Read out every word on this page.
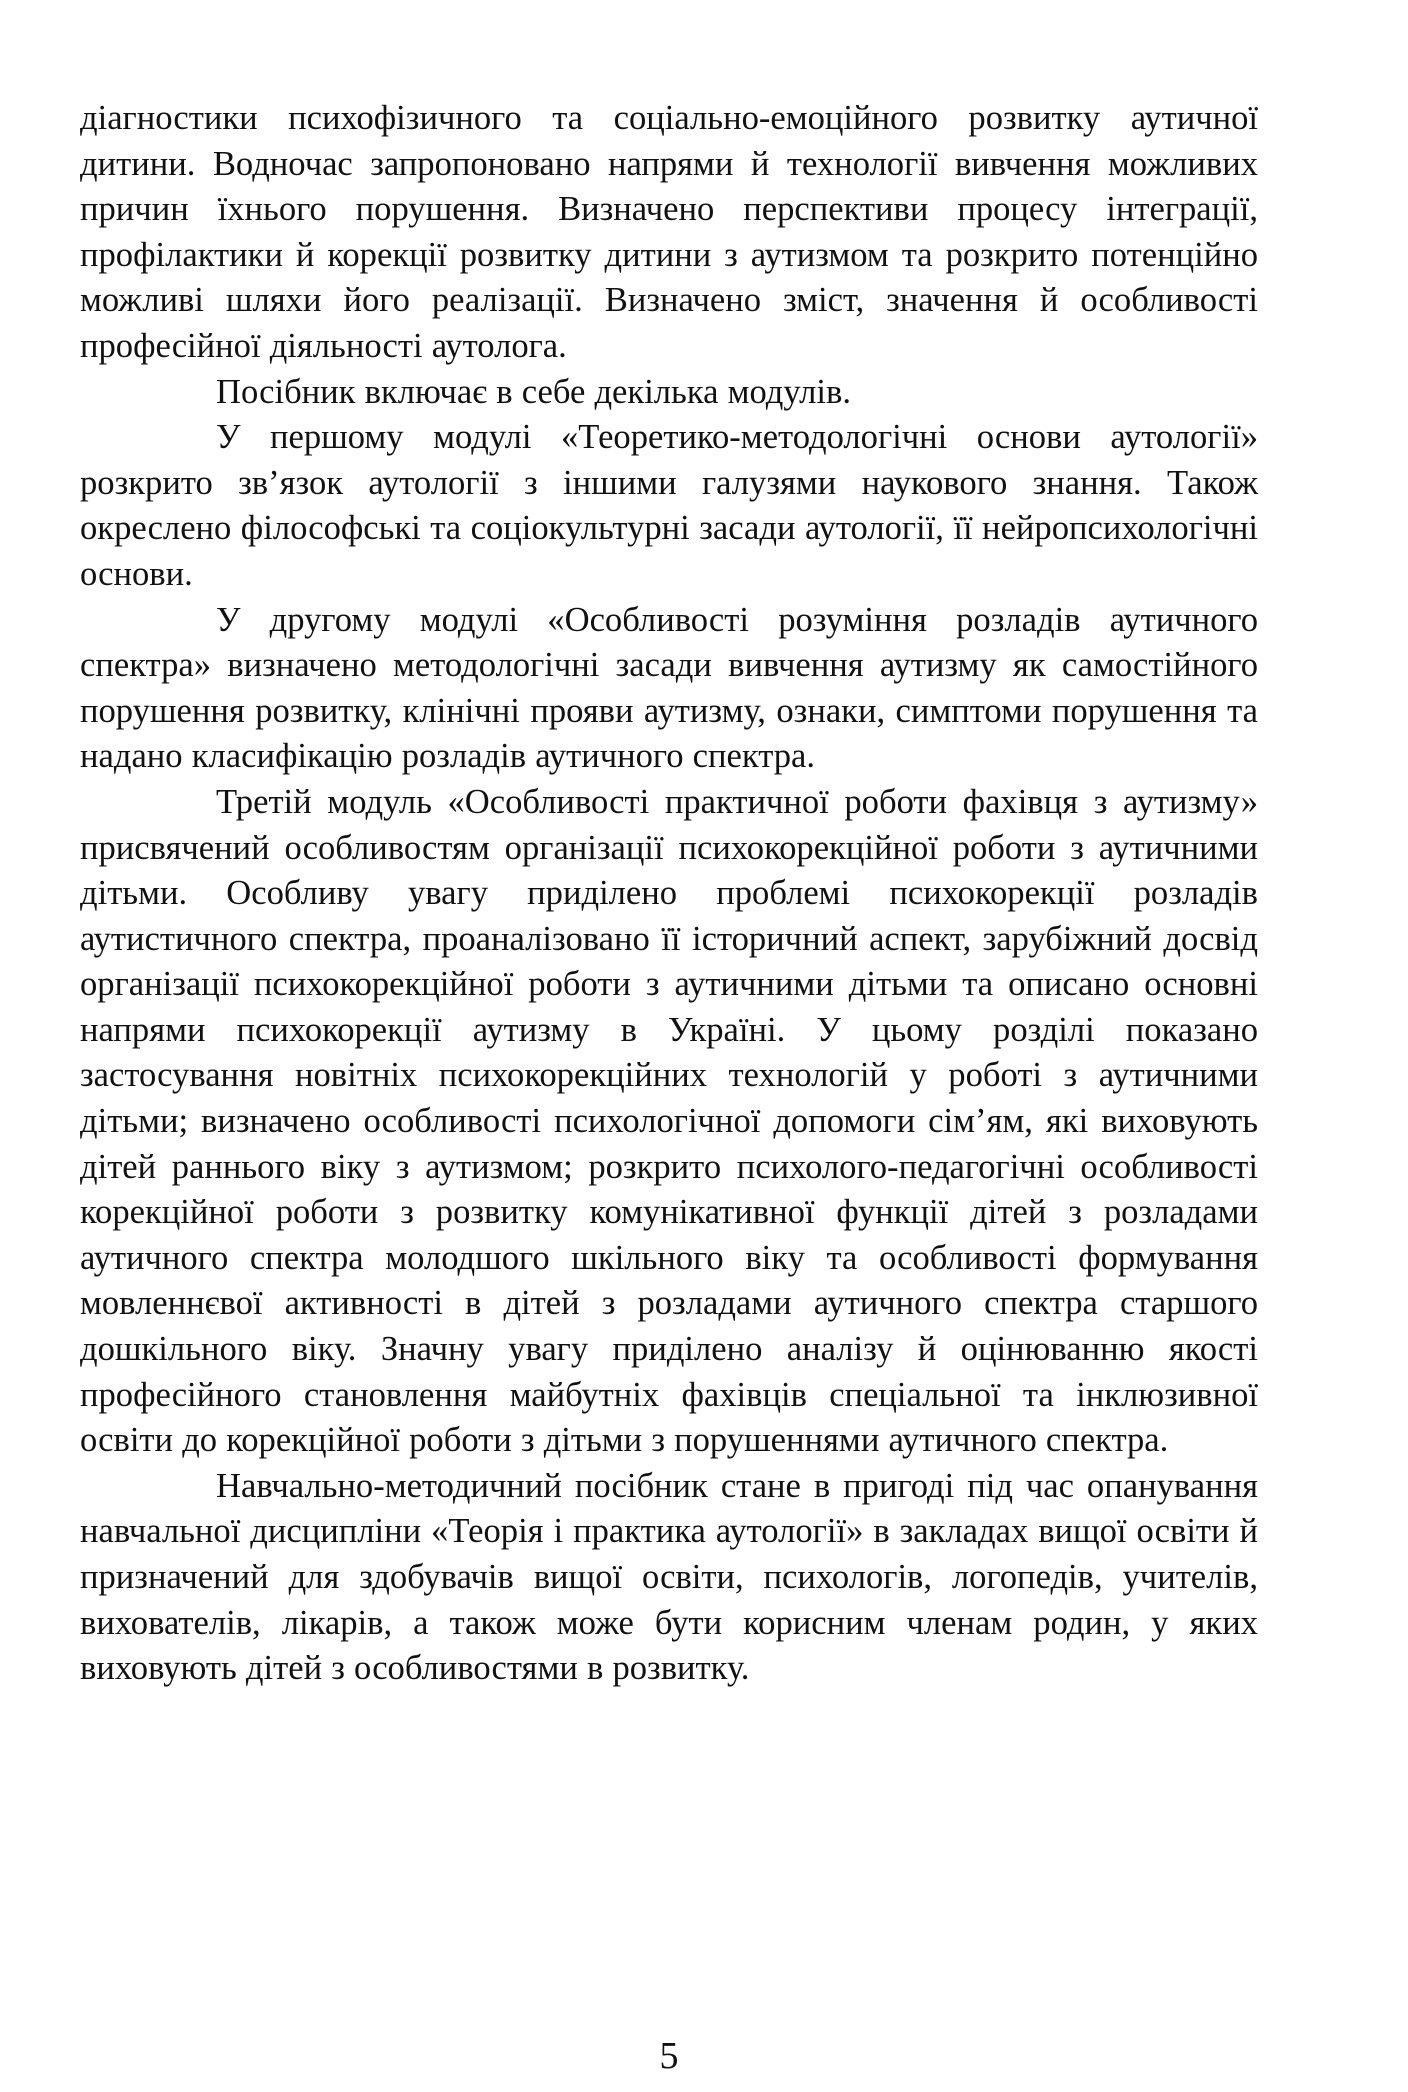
діагностики психофізичного та соціально-емоційного розвитку аутичної дитини. Водночас запропоновано напрями й технології вивчення можливих причин їхнього порушення. Визначено перспективи процесу інтеграції, профілактики й корекції розвитку дитини з аутизмом та розкрито потенційно можливі шляхи його реалізації. Визначено зміст, значення й особливості професійної діяльності аутолога.

Посібник включає в себе декілька модулів.

У першому модулі «Теоретико-методологічні основи аутології» розкрито зв’язок аутології з іншими галузями наукового знання. Також окреслено філософські та соціокультурні засади аутології, її нейропсихологічні основи.

У другому модулі «Особливості розуміння розладів аутичного спектра» визначено методологічні засади вивчення аутизму як самостійного порушення розвитку, клінічні прояви аутизму, ознаки, симптоми порушення та надано класифікацію розладів аутичного спектра.

Третій модуль «Особливості практичної роботи фахівця з аутизму» присвячений особливостям організації психокорекційної роботи з аутичними дітьми. Особливу увагу приділено проблемі психокорекції розладів аутистичного спектра, проаналізовано її історичний аспект, зарубіжний досвід організації психокорекційної роботи з аутичними дітьми та описано основні напрями психокорекції аутизму в Україні. У цьому розділі показано застосування новітніх психокорекційних технологій у роботі з аутичними дітьми; визначено особливості психологічної допомоги сім’ям, які виховують дітей раннього віку з аутизмом; розкрито психолого-педагогічні особливості корекційної роботи з розвитку комунікативної функції дітей з розладами аутичного спектра молодшого шкільного віку та особливості формування мовленнєвої активності в дітей з розладами аутичного спектра старшого дошкільного віку. Значну увагу приділено аналізу й оцінюванню якості професійного становлення майбутніх фахівців спеціальної та інклюзивної освіти до корекційної роботи з дітьми з порушеннями аутичного спектра.

Навчально-методичний посібник стане в пригоді під час опанування навчальної дисципліни «Теорія і практика аутології» в закладах вищої освіти й призначений для здобувачів вищої освіти, психологів, логопедів, учителів, вихователів, лікарів, а також може бути корисним членам родин, у яких виховують дітей з особливостями в розвитку.

5
